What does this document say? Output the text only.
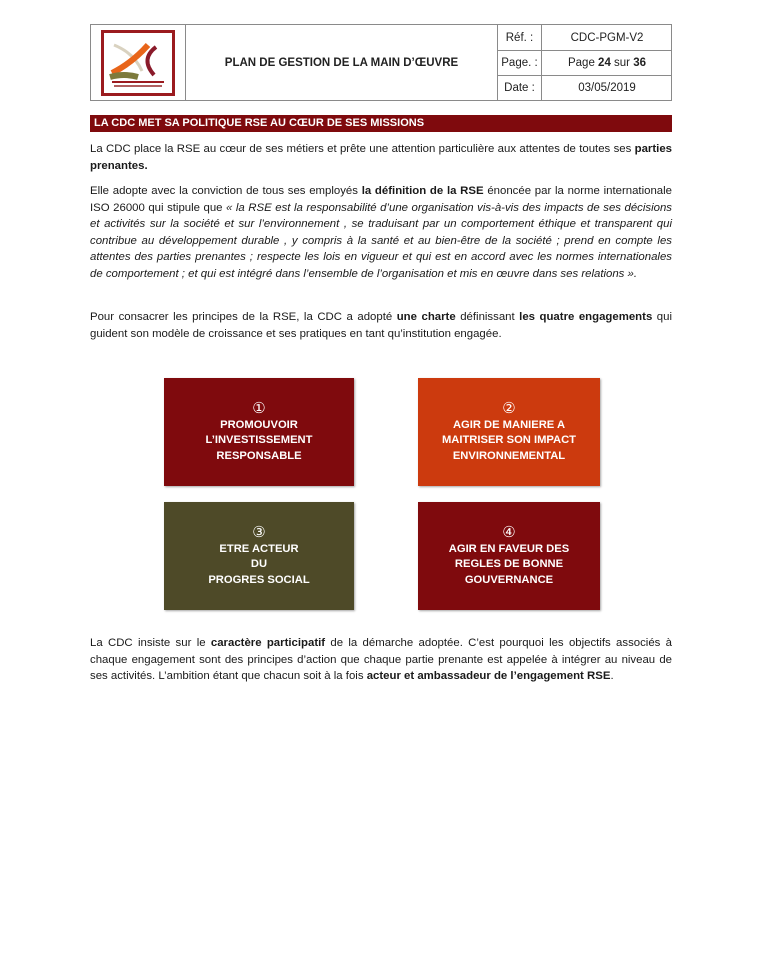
PLAN DE GESTION DE LA MAIN D’ŒUVRE
Réf. :	CDC-PGM-V2
Page. :	Page 24 sur 36
Date :	03/05/2019
LA CDC MET SA POLITIQUE RSE AU CŒUR DE SES MISSIONS
La CDC place la RSE au cœur de ses métiers et prête une attention particulière aux attentes de toutes ses parties prenantes.
Elle adopte avec la conviction de tous ses employés la définition de la RSE énoncée par la norme internationale ISO 26000 qui stipule que « la RSE est la responsabilité d’une organisation vis-à-vis des impacts de ses décisions et activités sur la société et sur l’environnement , se traduisant par un comportement éthique et transparent qui contribue au développement durable , y compris à la santé et au bien-être de la société ; prend en compte les attentes des parties prenantes ; respecte les lois en vigueur et qui est en accord avec les normes internationales de comportement ; et qui est intégré dans l’ensemble de l’organisation et mis en œuvre dans ses relations ».
Pour consacrer les principes de la RSE, la CDC a adopté une charte définissant les quatre engagements qui guident son modèle de croissance et ses pratiques en tant qu’institution engagée.
①
PROMOUVOIR
L’INVESTISSEMENT
RESPONSABLE
②
AGIR DE MANIERE A
MAITRISER SON IMPACT
ENVIRONNEMENTAL
③
ETRE ACTEUR
DU
PROGRES SOCIAL
④
AGIR EN FAVEUR DES
REGLES DE BONNE
GOUVERNANCE
La CDC insiste sur le caractère participatif de la démarche adoptée. C’est pourquoi les objectifs associés à chaque engagement sont des principes d’action que chaque partie prenante est appelée à intégrer au niveau de ses activités. L’ambition étant que chacun soit à la fois acteur et ambassadeur de l’engagement RSE.
